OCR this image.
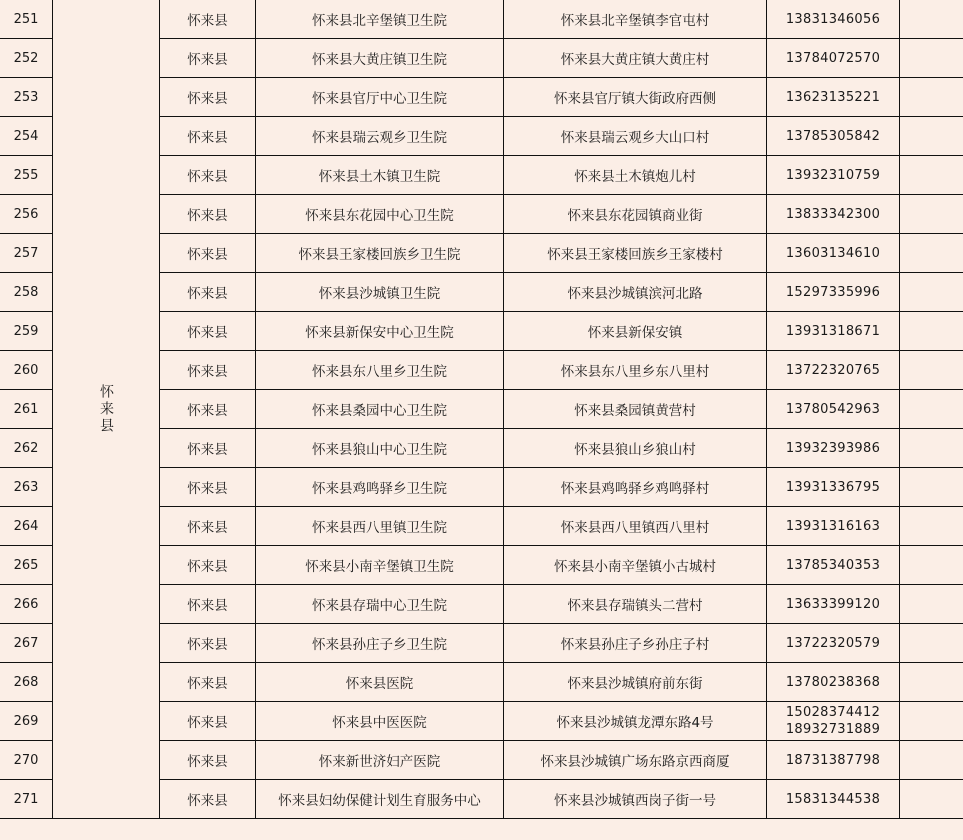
251	怀来县	怀来县	怀来县北辛堡镇卫生院	怀来县北辛堡镇李官屯村	13831346056	

252		怀来县	怀来县大黄庄镇卫生院	怀来县大黄庄镇大黄庄村	13784072570	

253		怀来县	怀来县官厅中心卫生院	怀来县官厅镇大街政府西侧	13623135221	

254		怀来县	怀来县瑞云观乡卫生院	怀来县瑞云观乡大山口村	13785305842	

255		怀来县	怀来县土木镇卫生院	怀来县土木镇炮儿村	13932310759	

256		怀来县	怀来县东花园中心卫生院	怀来县东花园镇商业街	13833342300	

257		怀来县	怀来县王家楼回族乡卫生院	怀来县王家楼回族乡王家楼村	13603134610	

258		怀来县	怀来县沙城镇卫生院	怀来县沙城镇滨河北路	15297335996	

259		怀来县	怀来县新保安中心卫生院	怀来县新保安镇	13931318671	

260		怀来县	怀来县东八里乡卫生院	怀来县东八里乡东八里村	13722320765	

261		怀来县	怀来县桑园中心卫生院	怀来县桑园镇黄营村	13780542963	

262		怀来县	怀来县狼山中心卫生院	怀来县狼山乡狼山村	13932393986	

263		怀来县	怀来县鸡鸣驿乡卫生院	怀来县鸡鸣驿乡鸡鸣驿村	13931336795	

264		怀来县	怀来县西八里镇卫生院	怀来县西八里镇西八里村	13931316163	

265		怀来县	怀来县小南辛堡镇卫生院	怀来县小南辛堡镇小古城村	13785340353	

266		怀来县	怀来县存瑞中心卫生院	怀来县存瑞镇头二营村	13633399120	

267		怀来县	怀来县孙庄子乡卫生院	怀来县孙庄子乡孙庄子村	13722320579	

268		怀来县	怀来县医院	怀来县沙城镇府前东街	13780238368	

269		怀来县	怀来县中医医院	怀来县沙城镇龙潭东路4号	15028374412
18932731889	

270		怀来县	怀来新世济妇产医院	怀来县沙城镇广场东路京西商厦	18731387798	

271		怀来县	怀来县妇幼保健计划生育服务中心	怀来县沙城镇西岗子街一号	15831344538	
